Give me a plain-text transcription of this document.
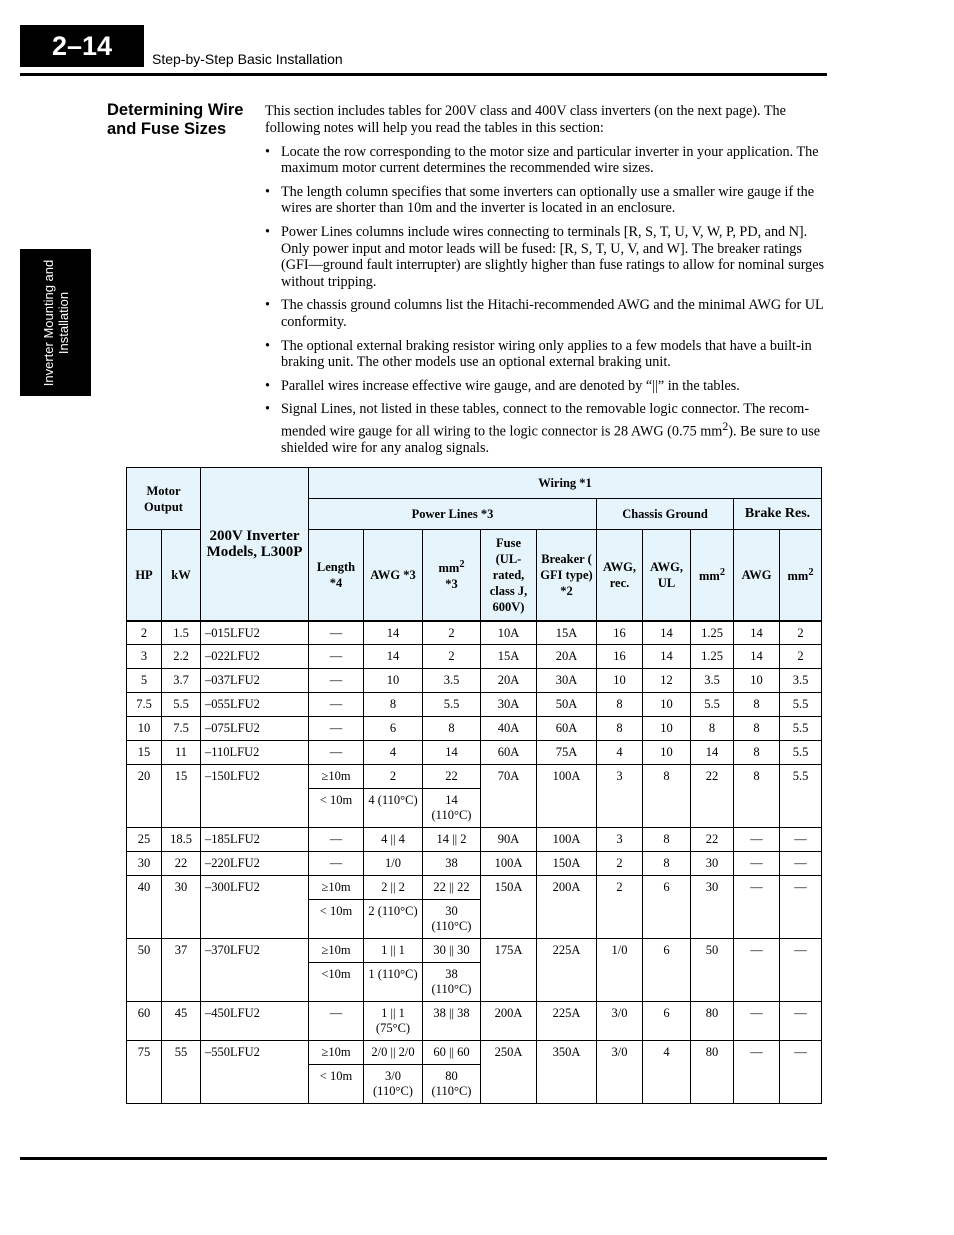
2–14	Step-by-Step Basic Installation
Inverter Mounting and Installation
Determining Wire and Fuse Sizes

This section includes tables for 200V class and 400V class inverters (on the next page). The following notes will help you read the tables in this section:

• Locate the row corresponding to the motor size and particular inverter in your application. The maximum motor current determines the recommended wire sizes.
• The length column specifies that some inverters can optionally use a smaller wire gauge if the wires are shorter than 10m and the inverter is located in an enclosure.
• Power Lines columns include wires connecting to terminals [R, S, T, U, V, W, P, PD, and N]. Only power input and motor leads will be fused: [R, S, T, U, V, and W]. The breaker ratings (GFI—ground fault interrupter) are slightly higher than fuse ratings to allow for nominal surges without tripping.
• The chassis ground columns list the Hitachi-recommended AWG and the minimal AWG for UL conformity.
• The optional external braking resistor wiring only applies to a few models that have a built-in braking unit. The other models use an optional external braking unit.
• Parallel wires increase effective wire gauge, and are denoted by “||” in the tables.
• Signal Lines, not listed in these tables, connect to the removable logic connector. The recom-mended wire gauge for all wiring to the logic connector is 28 AWG (0.75 $mm^2$). Be sure to use shielded wire for any analog signals.
Motor Output		200V Inverter Models, L300P	Wiring *1									
			Power Lines *3					Chassis Ground			Brake Res.	
HP	kW		Length *4	AWG *3	$mm^2$
*3	Fuse (UL-rated, class J, 600V)	Breaker ( GFI type) *2	AWG, rec.	AWG, UL	$mm^2$	AWG	$mm^2$
2	1.5	–015LFU2	—	14	2	10A	15A	16	14	1.25	14	2
3	2.2	–022LFU2	—	14	2	15A	20A	16	14	1.25	14	2
5	3.7	–037LFU2	—	10	3.5	20A	30A	10	12	3.5	10	3.5
7.5	5.5	–055LFU2	—	8	5.5	30A	50A	8	10	5.5	8	5.5
10	7.5	–075LFU2	—	6	8	40A	60A	8	10	8	8	5.5
15	11	–110LFU2	—	4	14	60A	75A	4	10	14	8	5.5
20	15	–150LFU2	≥10m	2	22	70A	100A	3	8	22	8	5.5
			< 10m	4 (110°C)	14 (110°C)							
25	18.5	–185LFU2	—	4 || 4	14 || 2	90A	100A	3	8	22	—	—
30	22	–220LFU2	—	1/0	38	100A	150A	2	8	30	—	—
40	30	–300LFU2	≥10m	2 || 2	22 || 22	150A	200A	2	6	30	—	—
			< 10m	2 (110°C)	30 (110°C)							
50	37	–370LFU2	≥10m	1 || 1	30 || 30	175A	225A	1/0	6	50	—	—
			<10m	1 (110°C)	38 (110°C)							
60	45	–450LFU2	—	1 || 1 (75°C)	38 || 38	200A	225A	3/0	6	80	—	—
75	55	–550LFU2	≥10m	2/0 || 2/0	60 || 60	250A	350A	3/0	4	80	—	—
			< 10m	3/0 (110°C)	80 (110°C)							
